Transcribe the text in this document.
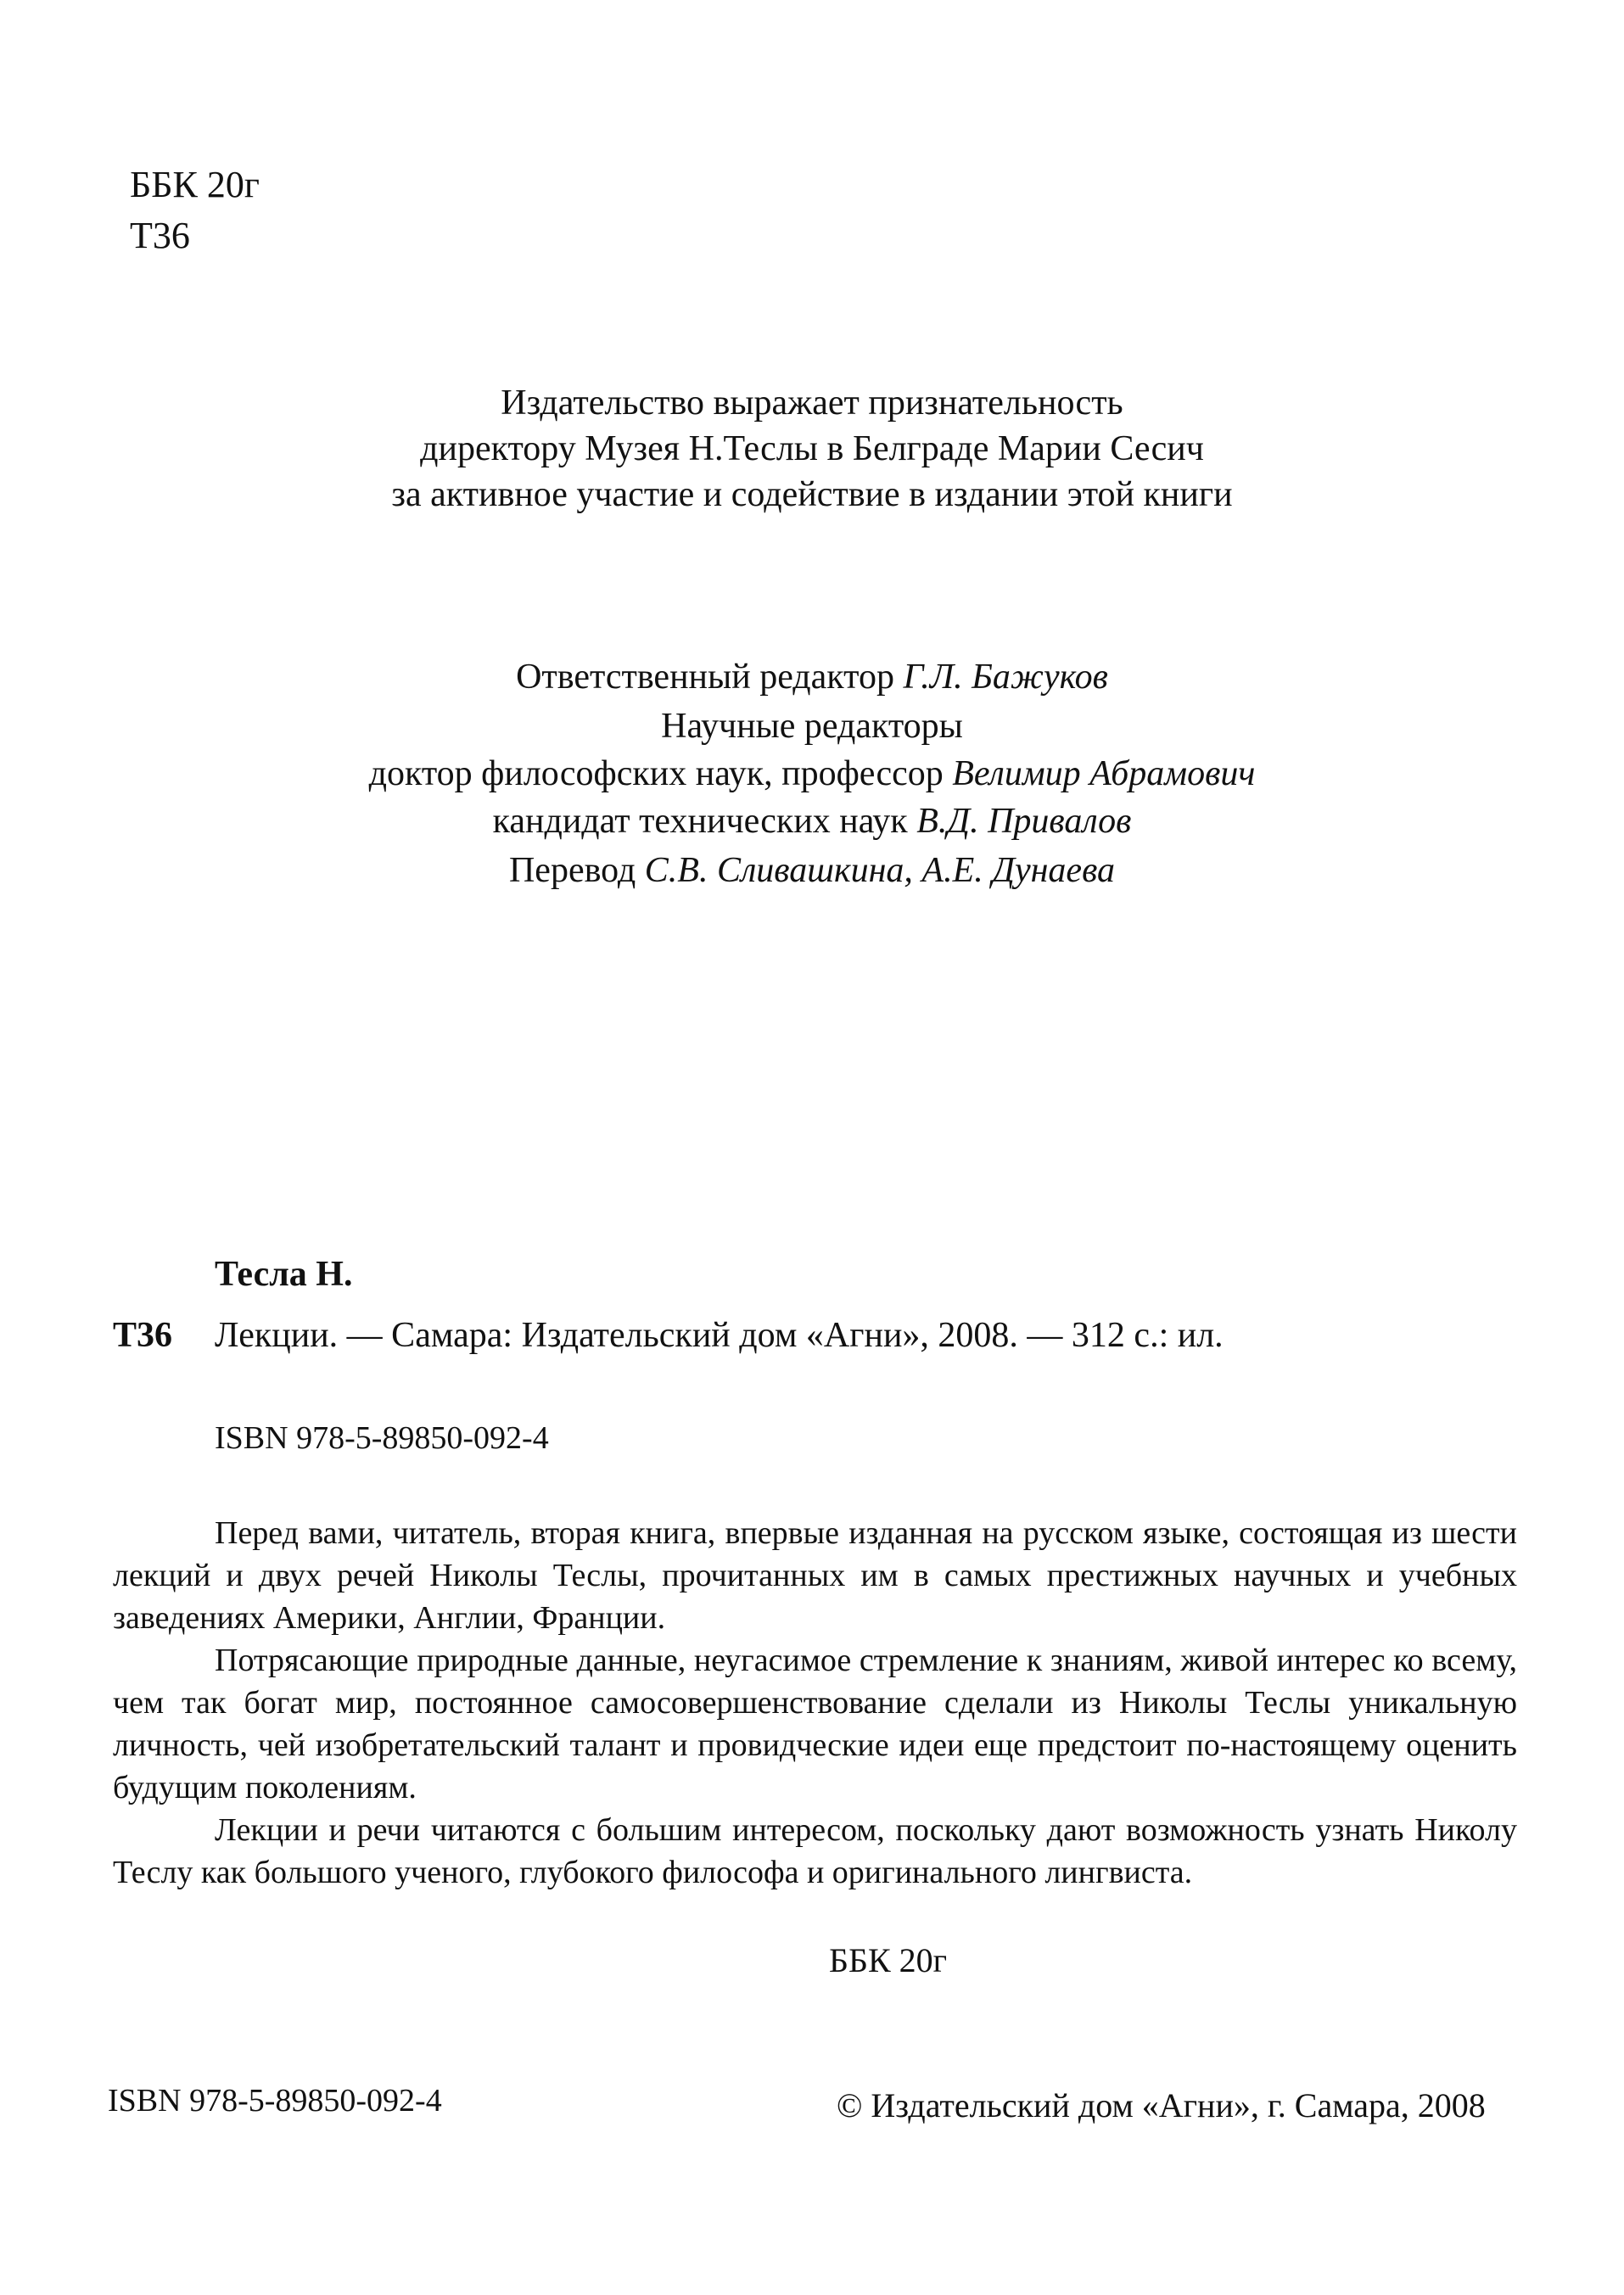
ББК 20г
Т36
Издательство выражает признательность
директору Музея Н.Теслы в Белграде Марии Сесич
за активное участие и содействие в издании этой книги
Ответственный редактор Г.Л. Бажуков
Научные редакторы
доктор философских наук, профессор Велимир Абрамович
кандидат технических наук В.Д. Привалов
Перевод С.В. Сливашкина, А.Е. Дунаева
Тесла Н.
Т36 Лекции. — Самара: Издательский дом «Агни», 2008. — 312 с.: ил.
ISBN 978-5-89850-092-4

Перед вами, читатель, вторая книга, впервые изданная на русском языке, состоящая из шести лекций и двух речей Николы Теслы, прочитанных им в самых престижных научных и учебных заведениях Америки, Англии, Франции.

Потрясающие природные данные, неугасимое стремление к знаниям, живой интерес ко всему, чем так богат мир, постоянное самосовершенствование сделали из Николы Теслы уникальную личность, чей изобретательский талант и провидческие идеи еще предстоит по-настоящему оценить будущим поколениям.

Лекции и речи читаются с большим интересом, поскольку дают возможность узнать Николу Теслу как большого ученого, глубокого философа и оригинального лингвиста.

ББК 20г
ISBN 978-5-89850-092-4	© Издательский дом «Агни», г. Самара, 2008
